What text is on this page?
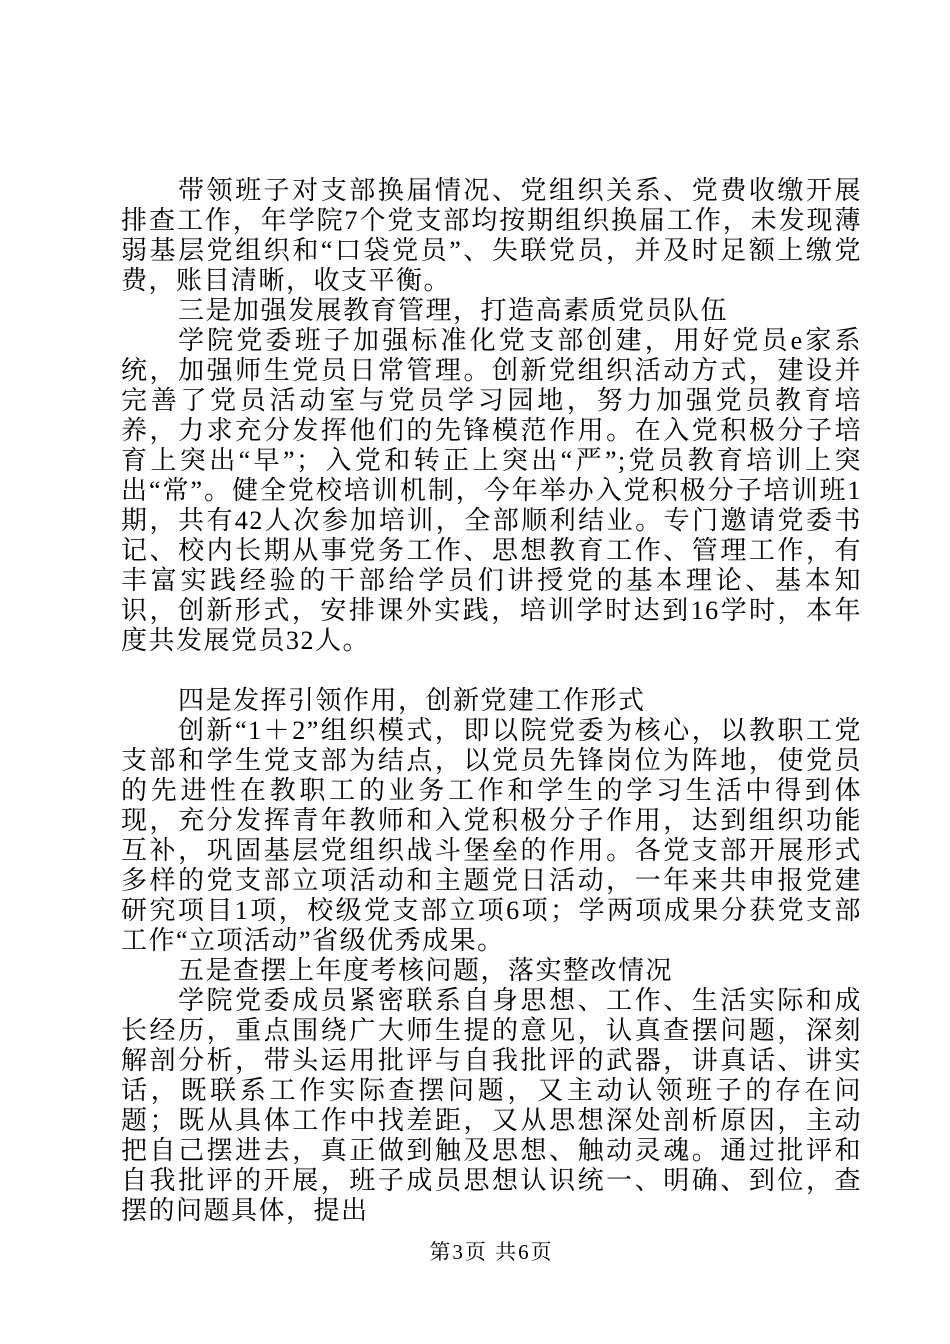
带领班子对支部换届情况、党组织关系、党费收缴开展排查工作，年学院7个党支部均按期组织换届工作，未发现薄弱基层党组织和“口袋党员”、失联党员，并及时足额上缴党费，账目清晰，收支平衡。

三是加强发展教育管理，打造高素质党员队伍

学院党委班子加强标准化党支部创建，用好党员e家系统，加强师生党员日常管理。创新党组织活动方式，建设并完善了党员活动室与党员学习园地，努力加强党员教育培养，力求充分发挥他们的先锋模范作用。在入党积极分子培育上突出“早”；入党和转正上突出“严”;党员教育培训上突出“常”。健全党校培训机制，今年举办入党积极分子培训班1期，共有42人次参加培训，全部顺利结业。专门邀请党委书记、校内长期从事党务工作、思想教育工作、管理工作，有丰富实践经验的干部给学员们讲授党的基本理论、基本知识，创新形式，安排课外实践，培训学时达到16学时，本年度共发展党员32人。

四是发挥引领作用，创新党建工作形式

创新“1＋2”组织模式，即以院党委为核心，以教职工党支部和学生党支部为结点，以党员先锋岗位为阵地，使党员的先进性在教职工的业务工作和学生的学习生活中得到体现，充分发挥青年教师和入党积极分子作用，达到组织功能互补，巩固基层党组织战斗堡垒的作用。各党支部开展形式多样的党支部立项活动和主题党日活动，一年来共申报党建研究项目1项，校级党支部立项6项；学两项成果分获党支部工作“立项活动”省级优秀成果。

五是查摆上年度考核问题，落实整改情况

学院党委成员紧密联系自身思想、工作、生活实际和成长经历，重点围绕广大师生提的意见，认真查摆问题，深刻解剖分析，带头运用批评与自我批评的武器，讲真话、讲实话，既联系工作实际查摆问题，又主动认领班子的存在问题；既从具体工作中找差距，又从思想深处剖析原因，主动把自己摆进去，真正做到触及思想、触动灵魂。通过批评和自我批评的开展，班子成员思想认识统一、明确、到位，查摆的问题具体，提出

第3页 共6页
